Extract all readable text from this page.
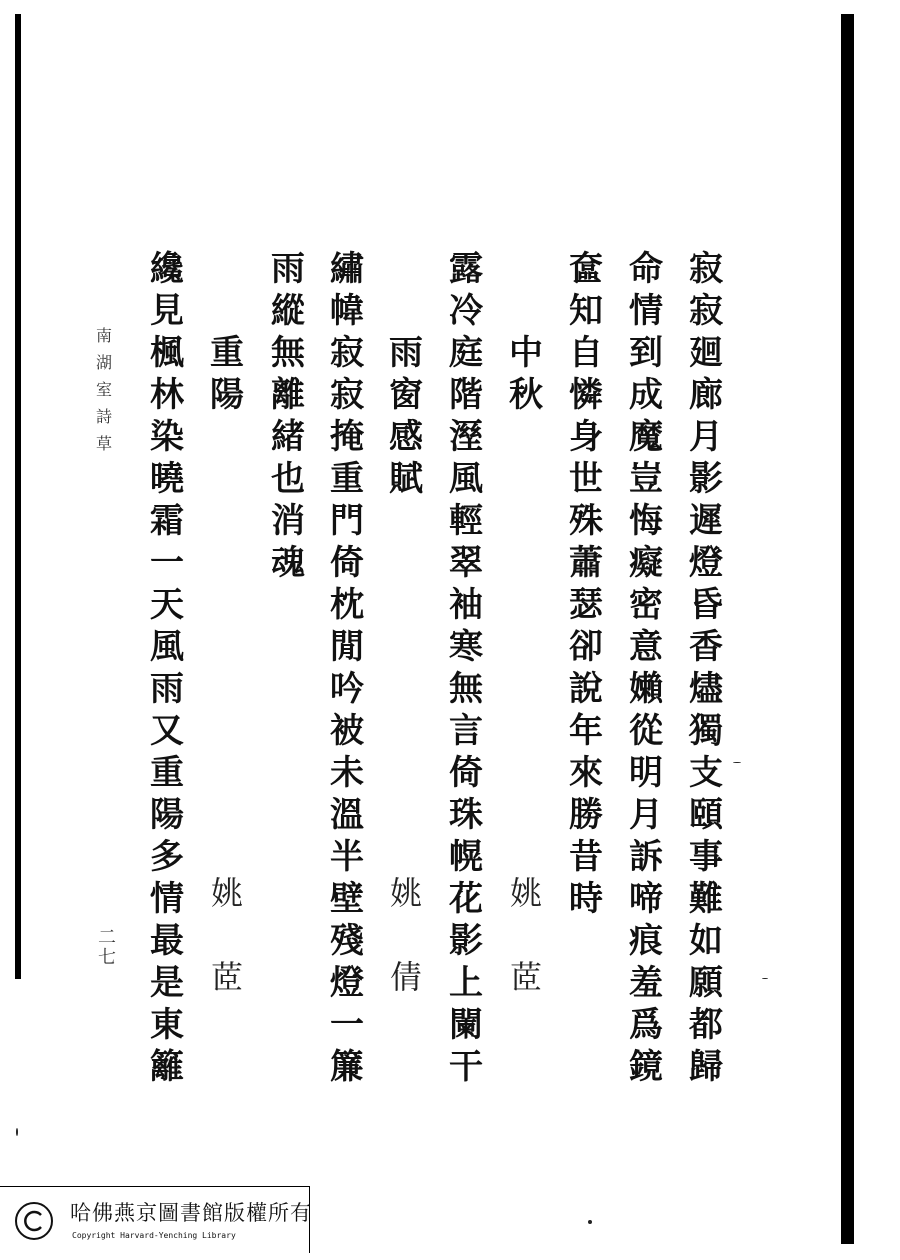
寂
寂
廻
廊
月
影
遲
燈
昏
香
燼
獨
支
頤
事
難
如
願
都
歸
命
情
到
成
魔
豈
悔
癡
密
意
嬾
從
明
月
訴
啼
痕
羞
爲
鏡
奩
知
自
憐
身
世
殊
蕭
瑟
卻
說
年
來
勝
昔
時
中
秋
露
冷
庭
階
溼
風
輕
翠
袖
寒
無
言
倚
珠
幌
花
影
上
闌
干
雨
窗
感
賦
繡
幃
寂
寂
掩
重
門
倚
枕
閒
吟
被
未
溫
半
壁
殘
燈
一
簾
雨
縱
無
離
緒
也
消
魂
重
陽
纔
見
楓
林
染
曉
霜
一
天
風
雨
又
重
陽
多
情
最
是
東
籬
姚
茝
姚
倩
姚
茝
南
湖
室
詩
草
二
七
哈佛燕京圖書館版權所有
Copyright Harvard-Yenching Library
